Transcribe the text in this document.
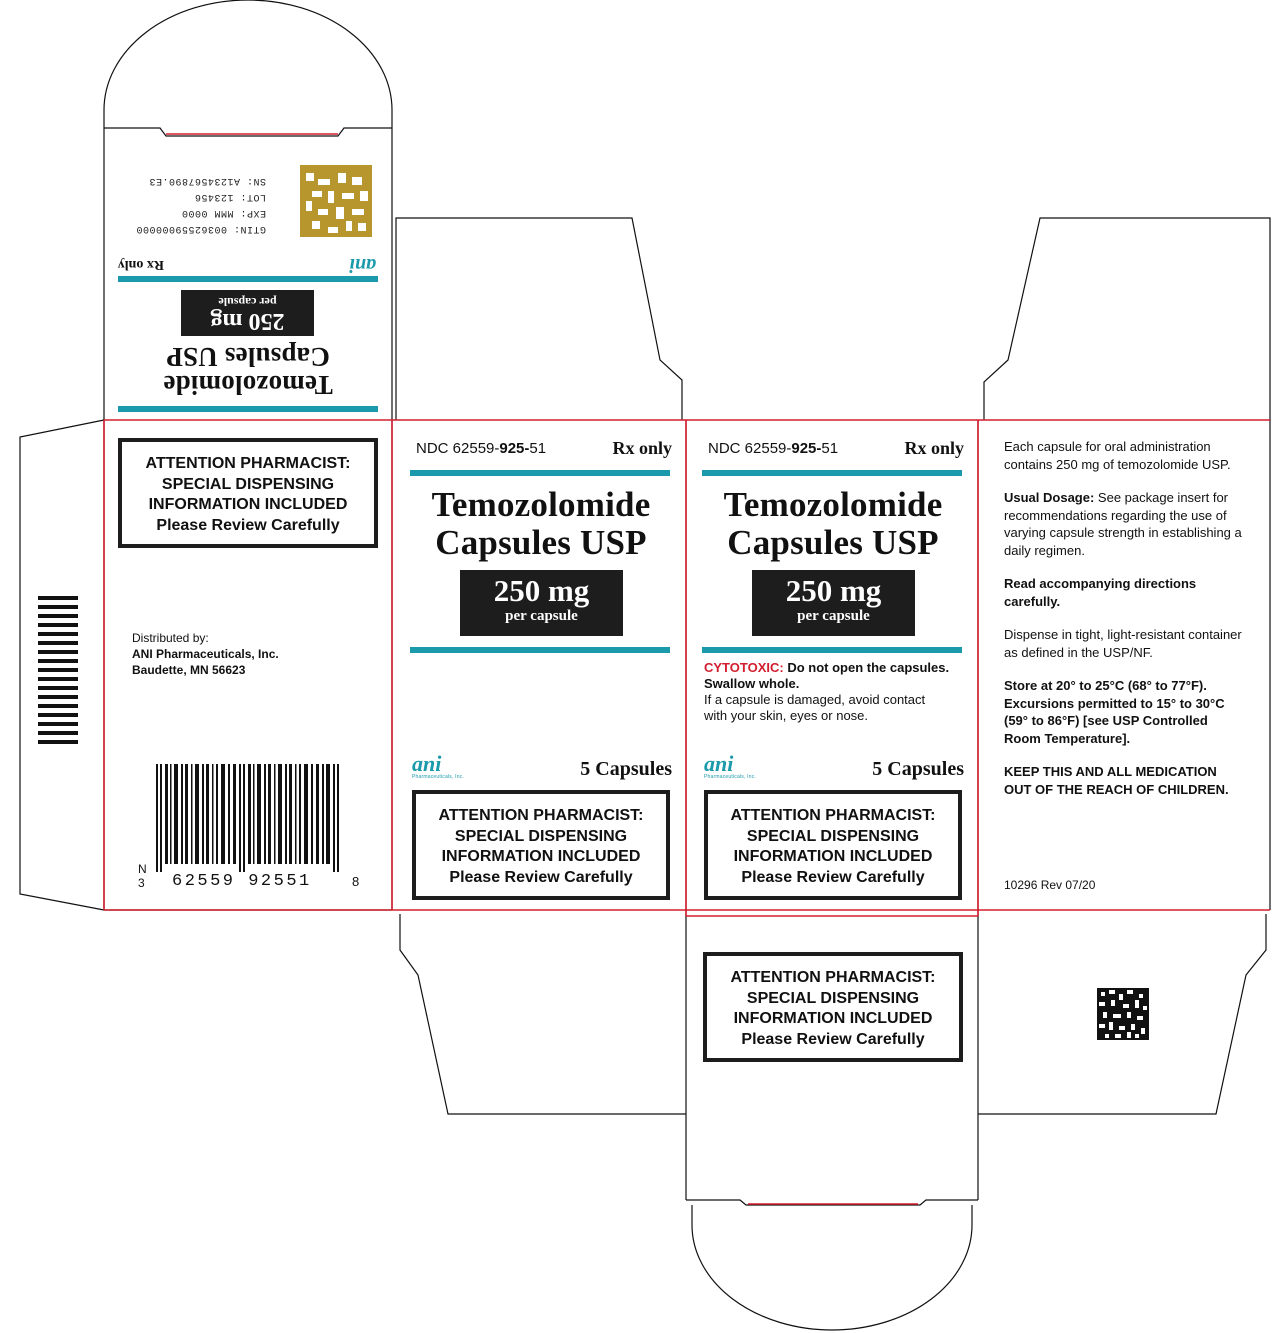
Temozolomide
Capsules USP
250 mg
per capsule
Rx only	ani
GTIN: 00362559000000
EXP: MMM 0000
LOT: 123456
SN: A1234567890.E3
ATTENTION PHARMACIST:
SPECIAL DISPENSING
INFORMATION INCLUDED
Please Review Carefully
Distributed by:
ANI Pharmaceuticals, Inc.
Baudette, MN 56623
N
3 62559 92551	8
NDC 62559-925-51	Rx only
Temozolomide
Capsules USP
250 mg
per capsule
ani
Pharmaceuticals, Inc.	5 Capsules
ATTENTION PHARMACIST:
SPECIAL DISPENSING
INFORMATION INCLUDED
Please Review Carefully
NDC 62559-925-51	Rx only
Temozolomide
Capsules USP
250 mg
per capsule
CYTOTOXIC: Do not open the capsules.
Swallow whole.
If a capsule is damaged, avoid contact
with your skin, eyes or nose.
ani
Pharmaceuticals, Inc.	5 Capsules
ATTENTION PHARMACIST:
SPECIAL DISPENSING
INFORMATION INCLUDED
Please Review Carefully
ATTENTION PHARMACIST:
SPECIAL DISPENSING
INFORMATION INCLUDED
Please Review Carefully

Each capsule for oral administration contains 250 mg of temozolomide USP.

Usual Dosage: See package insert for recommendations regarding the use of varying capsule strength in establishing a daily regimen.

Read accompanying directions carefully.

Dispense in tight, light-resistant container as defined in the USP/NF.

Store at 20° to 25°C (68° to 77°F). Excursions permitted to 15° to 30°C (59° to 86°F) [see USP Controlled Room Temperature].

KEEP THIS AND ALL MEDICATION OUT OF THE REACH OF CHILDREN.

10296 Rev 07/20
